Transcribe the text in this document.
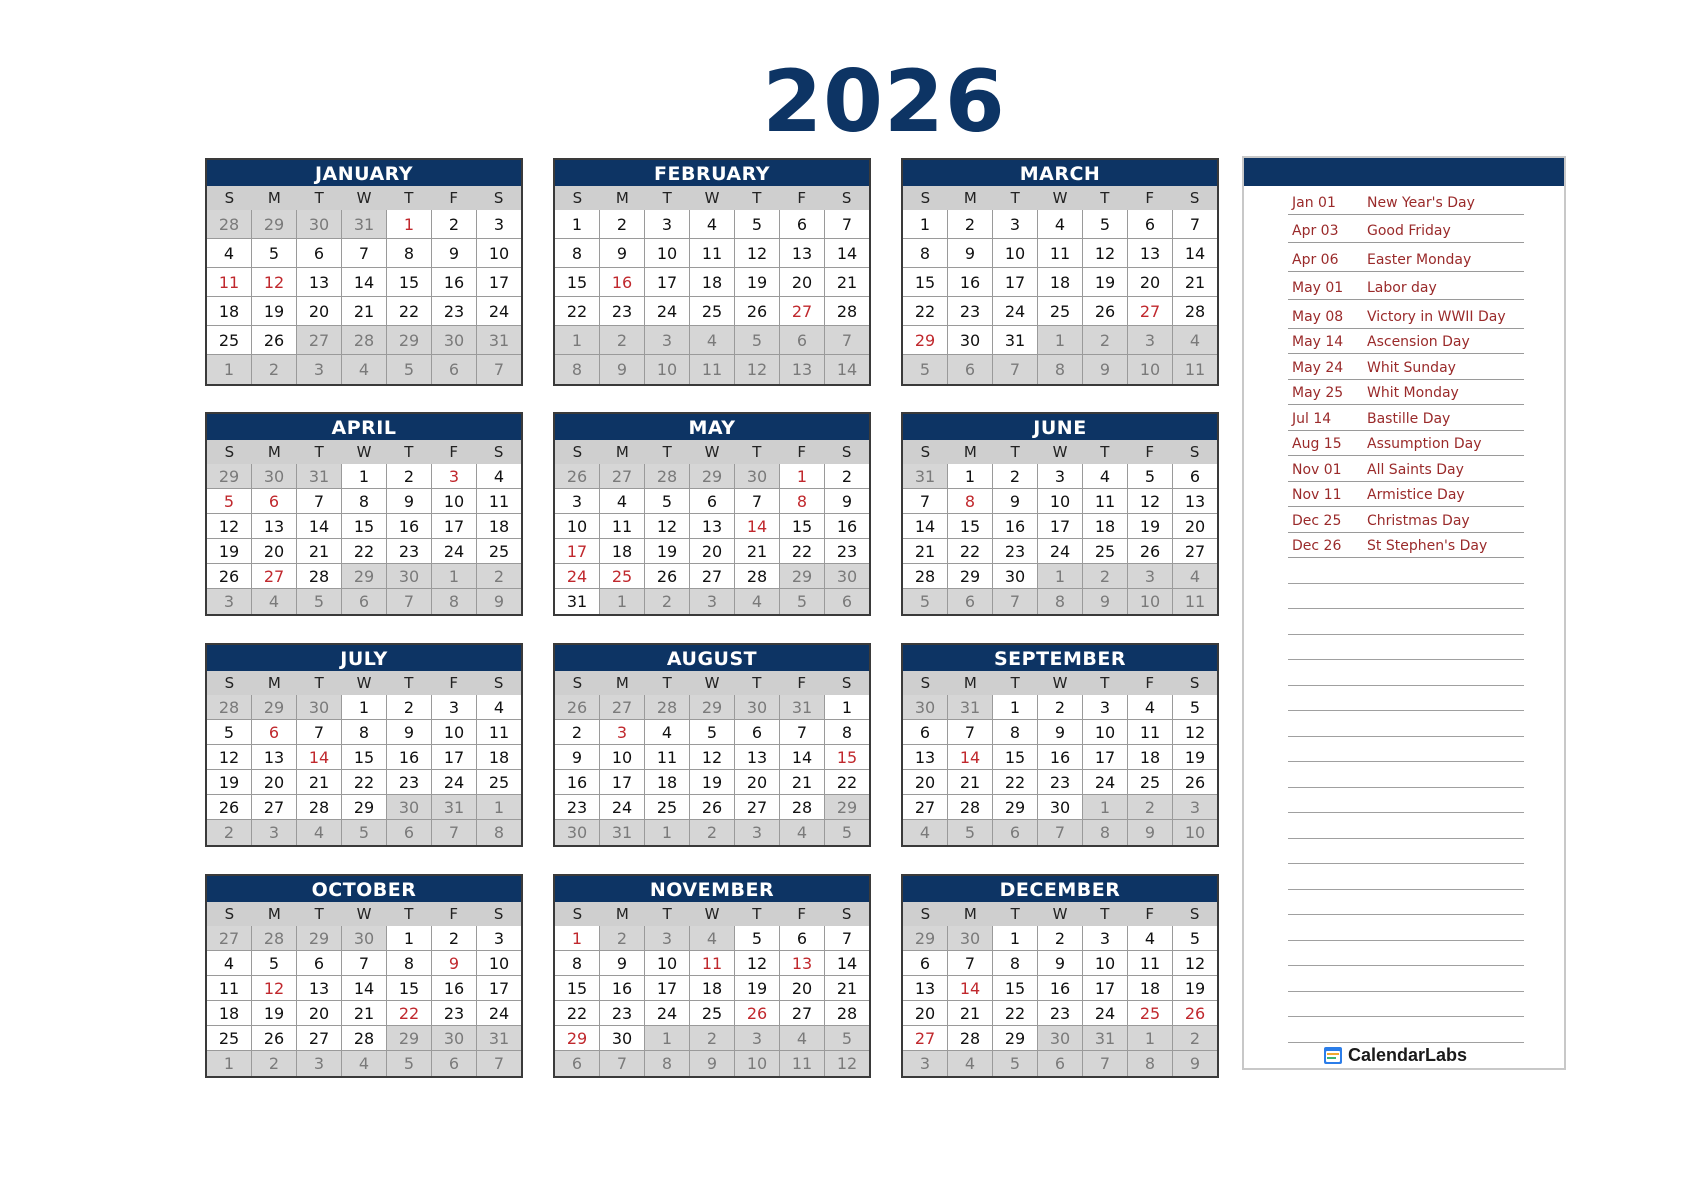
2026
JANUARY
S	M	T	W	T	F	S
28	29	30	31	1	2	3
4	5	6	7	8	9	10
11	12	13	14	15	16	17
18	19	20	21	22	23	24
25	26	27	28	29	30	31
1	2	3	4	5	6	7
FEBRUARY
S	M	T	W	T	F	S
1	2	3	4	5	6	7
8	9	10	11	12	13	14
15	16	17	18	19	20	21
22	23	24	25	26	27	28
1	2	3	4	5	6	7
8	9	10	11	12	13	14
MARCH
S	M	T	W	T	F	S
1	2	3	4	5	6	7
8	9	10	11	12	13	14
15	16	17	18	19	20	21
22	23	24	25	26	27	28
29	30	31	1	2	3	4
5	6	7	8	9	10	11
APRIL
S	M	T	W	T	F	S
29	30	31	1	2	3	4
5	6	7	8	9	10	11
12	13	14	15	16	17	18
19	20	21	22	23	24	25
26	27	28	29	30	1	2
3	4	5	6	7	8	9
MAY
S	M	T	W	T	F	S
26	27	28	29	30	1	2
3	4	5	6	7	8	9
10	11	12	13	14	15	16
17	18	19	20	21	22	23
24	25	26	27	28	29	30
31	1	2	3	4	5	6
JUNE
S	M	T	W	T	F	S
31	1	2	3	4	5	6
7	8	9	10	11	12	13
14	15	16	17	18	19	20
21	22	23	24	25	26	27
28	29	30	1	2	3	4
5	6	7	8	9	10	11
JULY
S	M	T	W	T	F	S
28	29	30	1	2	3	4
5	6	7	8	9	10	11
12	13	14	15	16	17	18
19	20	21	22	23	24	25
26	27	28	29	30	31	1
2	3	4	5	6	7	8
AUGUST
S	M	T	W	T	F	S
26	27	28	29	30	31	1
2	3	4	5	6	7	8
9	10	11	12	13	14	15
16	17	18	19	20	21	22
23	24	25	26	27	28	29
30	31	1	2	3	4	5
SEPTEMBER
S	M	T	W	T	F	S
30	31	1	2	3	4	5
6	7	8	9	10	11	12
13	14	15	16	17	18	19
20	21	22	23	24	25	26
27	28	29	30	1	2	3
4	5	6	7	8	9	10
OCTOBER
S	M	T	W	T	F	S
27	28	29	30	1	2	3
4	5	6	7	8	9	10
11	12	13	14	15	16	17
18	19	20	21	22	23	24
25	26	27	28	29	30	31
1	2	3	4	5	6	7
NOVEMBER
S	M	T	W	T	F	S
1	2	3	4	5	6	7
8	9	10	11	12	13	14
15	16	17	18	19	20	21
22	23	24	25	26	27	28
29	30	1	2	3	4	5
6	7	8	9	10	11	12
DECEMBER
S	M	T	W	T	F	S
29	30	1	2	3	4	5
6	7	8	9	10	11	12
13	14	15	16	17	18	19
20	21	22	23	24	25	26
27	28	29	30	31	1	2
3	4	5	6	7	8	9
Jan 01	New Year's Day
Apr 03	Good Friday
Apr 06	Easter Monday
May 01	Labor day
May 08	Victory in WWII Day
May 14	Ascension Day
May 24	Whit Sunday
May 25	Whit Monday
Jul 14	Bastille Day
Aug 15	Assumption Day
Nov 01	All Saints Day
Nov 11	Armistice Day
Dec 25	Christmas Day
Dec 26	St Stephen's Day
CalendarLabs
